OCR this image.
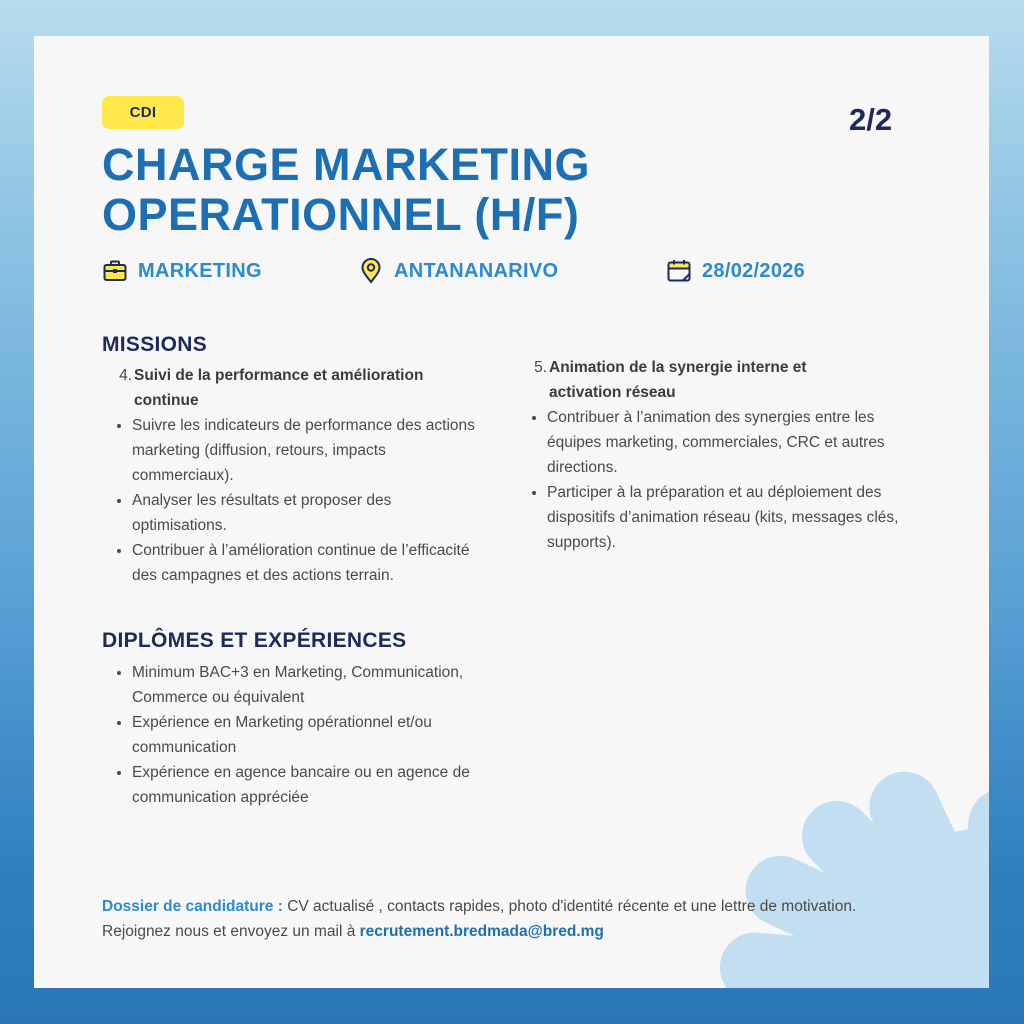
CDI	2/2
CHARGE MARKETING
OPERATIONNEL (H/F)
MARKETING	ANTANANARIVO	28/02/2026
MISSIONS
4. Suivi de la performance et amélioration
continue
Suivre les indicateurs de performance des actions marketing (diffusion, retours, impacts commerciaux).
Analyser les résultats et proposer des optimisations.
Contribuer à l’amélioration continue de l’efficacité des campagnes et des actions terrain.
5. Animation de la synergie interne et
activation réseau
Contribuer à l’animation des synergies entre les équipes marketing, commerciales, CRC et autres directions.
Participer à la préparation et au déploiement des dispositifs d’animation réseau (kits, messages clés, supports).
DIPLÔMES ET EXPÉRIENCES
Minimum BAC+3 en Marketing, Communication, Commerce ou équivalent
Expérience en Marketing opérationnel et/ou communication
Expérience en agence bancaire ou en agence de communication appréciée
Dossier de candidature : CV actualisé , contacts rapides, photo d'identité récente et une lettre de motivation. Rejoignez nous et envoyez un mail à recrutement.bredmada@bred.mg
